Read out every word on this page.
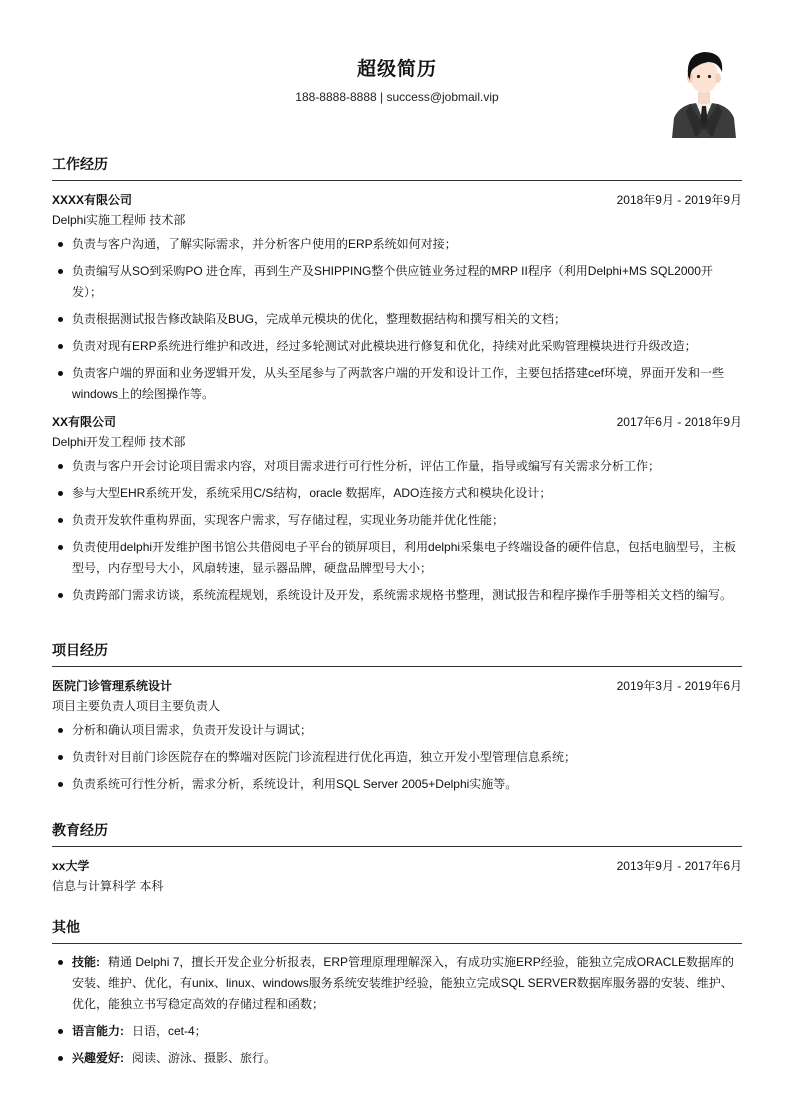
超级简历
188-8888-8888 | success@jobmail.vip
工作经历
XXXX有限公司	2018年9月 - 2019年9月
Delphi实施工程师 技术部
负责与客户沟通，了解实际需求，并分析客户使用的ERP系统如何对接；
负责编写从SO到采购PO 进仓库，再到生产及SHIPPING整个供应链业务过程的MRP II程序（利用Delphi+MS SQL2000开发）；
负责根据测试报告修改缺陷及BUG，完成单元模块的优化，整理数据结构和撰写相关的文档；
负责对现有ERP系统进行维护和改进，经过多轮测试对此模块进行修复和优化，持续对此采购管理模块进行升级改造；
负责客户端的界面和业务逻辑开发，从头至尾参与了两款客户端的开发和设计工作，主要包括搭建cef环境，界面开发和一些windows上的绘图操作等。
XX有限公司	2017年6月 - 2018年9月
Delphi开发工程师 技术部
负责与客户开会讨论项目需求内容，对项目需求进行可行性分析，评估工作量，指导或编写有关需求分析工作；
参与大型EHR系统开发，系统采用C/S结构，oracle 数据库，ADO连接方式和模块化设计；
负责开发软件重构界面，实现客户需求，写存储过程，实现业务功能并优化性能；
负责使用delphi开发维护图书馆公共借阅电子平台的锁屏项目，利用delphi采集电子终端设备的硬件信息，包括电脑型号，主板型号，内存型号大小，风扇转速，显示器品牌，硬盘品牌型号大小；
负责跨部门需求访谈，系统流程规划，系统设计及开发，系统需求规格书整理，测试报告和程序操作手册等相关文档的编写。
项目经历
医院门诊管理系统设计	2019年3月 - 2019年6月
项目主要负责人项目主要负责人
分析和确认项目需求，负责开发设计与调试；
负责针对目前门诊医院存在的弊端对医院门诊流程进行优化再造，独立开发小型管理信息系统；
负责系统可行性分析，需求分析，系统设计，利用SQL Server 2005+Delphi实施等。
教育经历
xx大学	2013年9月 - 2017年6月
信息与计算科学 本科
其他
技能: 精通 Delphi 7，擅长开发企业分析报表，ERP管理原理理解深入，有成功实施ERP经验，能独立完成ORACLE数据库的安装、维护、优化，有unix、linux、windows服务系统安装维护经验，能独立完成SQL SERVER数据库服务器的安装、维护、优化，能独立书写稳定高效的存储过程和函数；
语言能力: 日语，cet-4；
兴趣爱好: 阅读、游泳、摄影、旅行。
